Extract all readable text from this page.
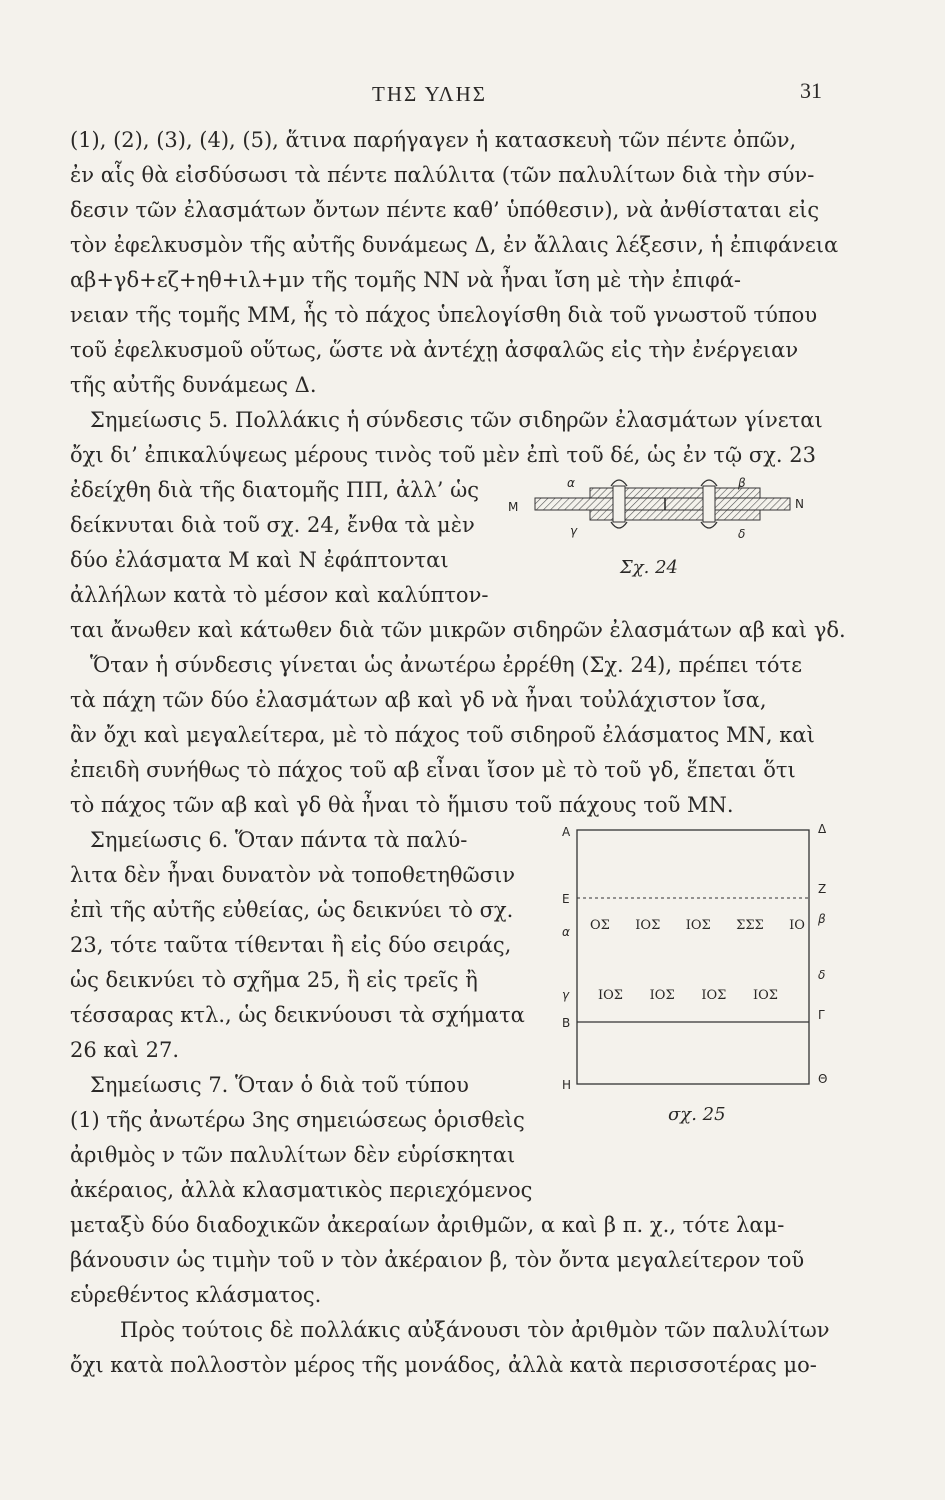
ΤΗΣ ΥΛΗΣ	31
(1), (2), (3), (4), (5), ἅτινα παρήγαγεν ἡ κατασκευὴ τῶν πέντε ὀπῶν,
ἐν αἷς θὰ εἰσδύσωσι τὰ πέντε παλύλιτα (τῶν παλυλίτων διὰ τὴν σύν-
δεσιν τῶν ἐλασμάτων ὄντων πέντε καθ’ ὑπόθεσιν), νὰ ἀνθίσταται εἰς
τὸν ἐφελκυσμὸν τῆς αὐτῆς δυνάμεως Δ, ἐν ἄλλαις λέξεσιν, ἡ ἐπιφάνεια
αβ+γδ+εζ+ηθ+ιλ+μν τῆς τομῆς ΝΝ νὰ ἦναι ἴση μὲ τὴν ἐπιφά-
νειαν τῆς τομῆς ΜΜ, ἧς τὸ πάχος ὑπελογίσθη διὰ τοῦ γνωστοῦ τύπου
τοῦ ἐφελκυσμοῦ οὕτως, ὥστε νὰ ἀντέχῃ ἀσφαλῶς εἰς τὴν ἐνέργειαν
τῆς αὐτῆς δυνάμεως Δ.
Σημείωσις 5. Πολλάκις ἡ σύνδεσις τῶν σιδηρῶν ἐλασμάτων γίνεται
ὄχι δι’ ἐπικαλύψεως μέρους τινὸς τοῦ μὲν ἐπὶ τοῦ δέ, ὡς ἐν τῷ σχ. 23
ἐδείχθη διὰ τῆς διατομῆς ΠΠ, ἀλλ’ ὡς
δείκνυται διὰ τοῦ σχ. 24, ἔνθα τὰ μὲν
δύο ἐλάσματα Μ καὶ Ν ἐφάπτονται
ἀλλήλων κατὰ τὸ μέσον καὶ καλύπτον-
ται ἄνωθεν καὶ κάτωθεν διὰ τῶν μικρῶν σιδηρῶν ἐλασμάτων αβ καὶ γδ.
Ὅταν ἡ σύνδεσις γίνεται ὡς ἀνωτέρω ἐρρέθη (Σχ. 24), πρέπει τότε
τὰ πάχη τῶν δύο ἐλασμάτων αβ καὶ γδ νὰ ἦναι τοὐλάχιστον ἴσα,
ἂν ὄχι καὶ μεγαλείτερα, μὲ τὸ πάχος τοῦ σιδηροῦ ἐλάσματος ΜΝ, καὶ
ἐπειδὴ συνήθως τὸ πάχος τοῦ αβ εἶναι ἴσον μὲ τὸ τοῦ γδ, ἕπεται ὅτι
τὸ πάχος τῶν αβ καὶ γδ θὰ ἦναι τὸ ἥμισυ τοῦ πάχους τοῦ ΜΝ.
Σημείωσις 6. Ὅταν πάντα τὰ παλύ-
λιτα δὲν ἦναι δυνατὸν νὰ τοποθετηθῶσιν
ἐπὶ τῆς αὐτῆς εὐθείας, ὡς δεικνύει τὸ σχ.
23, τότε ταῦτα τίθενται ἢ εἰς δύο σειράς,
ὡς δεικνύει τὸ σχῆμα 25, ἢ εἰς τρεῖς ἢ
τέσσαρας κτλ., ὡς δεικνύουσι τὰ σχήματα
26 καὶ 27.
Σημείωσις 7. Ὅταν ὁ διὰ τοῦ τύπου
(1) τῆς ἀνωτέρω 3ης σημειώσεως ὁρισθεὶς
ἀριθμὸς ν τῶν παλυλίτων δὲν εὑρίσκηται
ἀκέραιος, ἀλλὰ κλασματικὸς περιεχόμενος
μεταξὺ δύο διαδοχικῶν ἀκεραίων ἀριθμῶν, α καὶ β π. χ., τότε λαμ-
βάνουσιν ὡς τιμὴν τοῦ ν τὸν ἀκέραιον β, τὸν ὄντα μεγαλείτερον τοῦ
εὑρεθέντος κλάσματος.
Πρὸς τούτοις δὲ πολλάκις αὐξάνουσι τὸν ἀριθμὸν τῶν παλυλίτων
ὄχι κατὰ πολλοστὸν μέρος τῆς μονάδος, ἀλλὰ κατὰ περισσοτέρας μο-
α	β
Μ	Ν
γ	δ
Σχ. 24
Α
Ε
α
γ
Β
Η
Δ
Ζ
β
δ
Γ
Θ
ΟΣ ΙΟΣ ΙΟΣ ΣΣΣ ΙΟ
ΙΟΣ ΙΟΣ ΙΟΣ ΙΟΣ
σχ. 25
